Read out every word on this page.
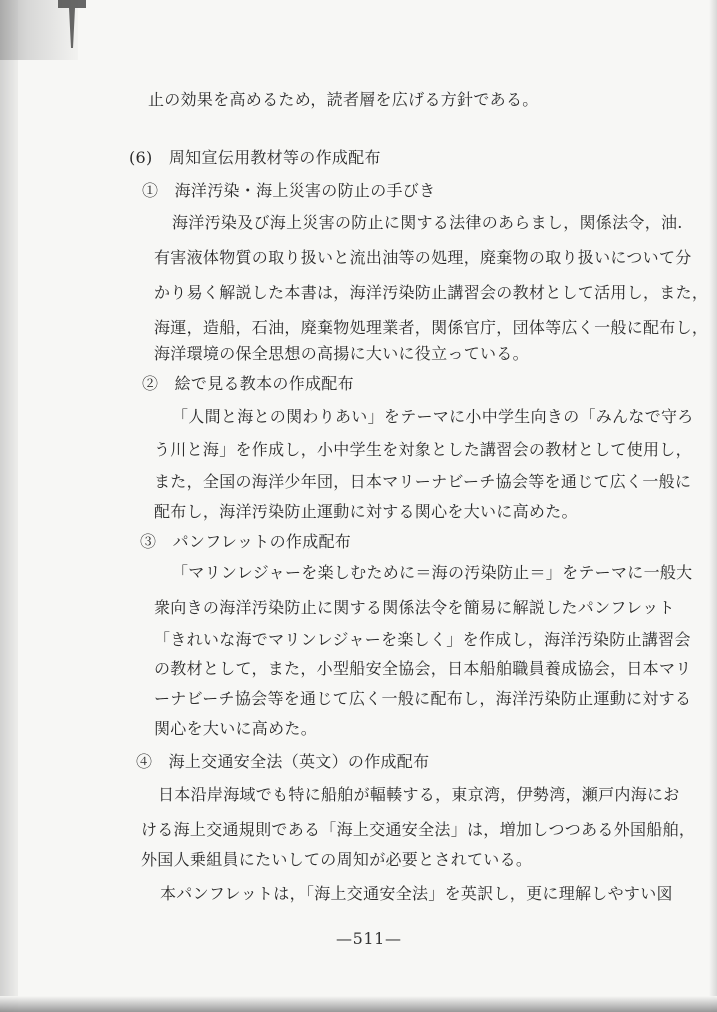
止の効果を高めるため，読者層を広げる方針である。
(6)　周知宣伝用教材等の作成配布
①　海洋汚染・海上災害の防止の手びき
海洋汚染及び海上災害の防止に関する法律のあらまし，関係法令，油.
有害液体物質の取り扱いと流出油等の処理，廃棄物の取り扱いについて分
かり易く解説した本書は，海洋汚染防止講習会の教材として活用し，また，
海運，造船，石油，廃棄物処理業者，関係官庁，団体等広く一般に配布し，
海洋環境の保全思想の高揚に大いに役立っている。
②　絵で見る教本の作成配布
「人間と海との関わりあい」をテーマに小中学生向きの「みんなで守ろ
う川と海」を作成し，小中学生を対象とした講習会の教材として使用し，
また，全国の海洋少年団，日本マリーナビーチ協会等を通じて広く一般に
配布し，海洋汚染防止運動に対する関心を大いに高めた。
③　パンフレットの作成配布
「マリンレジャーを楽しむために＝海の汚染防止＝」をテーマに一般大
衆向きの海洋汚染防止に関する関係法令を簡易に解説したパンフレット
「きれいな海でマリンレジャーを楽しく」を作成し，海洋汚染防止講習会
の教材として，また，小型船安全協会，日本船舶職員養成協会，日本マリ
ーナビーチ協会等を通じて広く一般に配布し，海洋汚染防止運動に対する
関心を大いに高めた。
④　海上交通安全法（英文）の作成配布
日本沿岸海域でも特に船舶が輻輳する，東京湾，伊勢湾，瀬戸内海にお
ける海上交通規則である「海上交通安全法」は，増加しつつある外国船舶，
外国人乗組員にたいしての周知が必要とされている。
本パンフレットは，「海上交通安全法」を英訳し，更に理解しやすい図
—511—
